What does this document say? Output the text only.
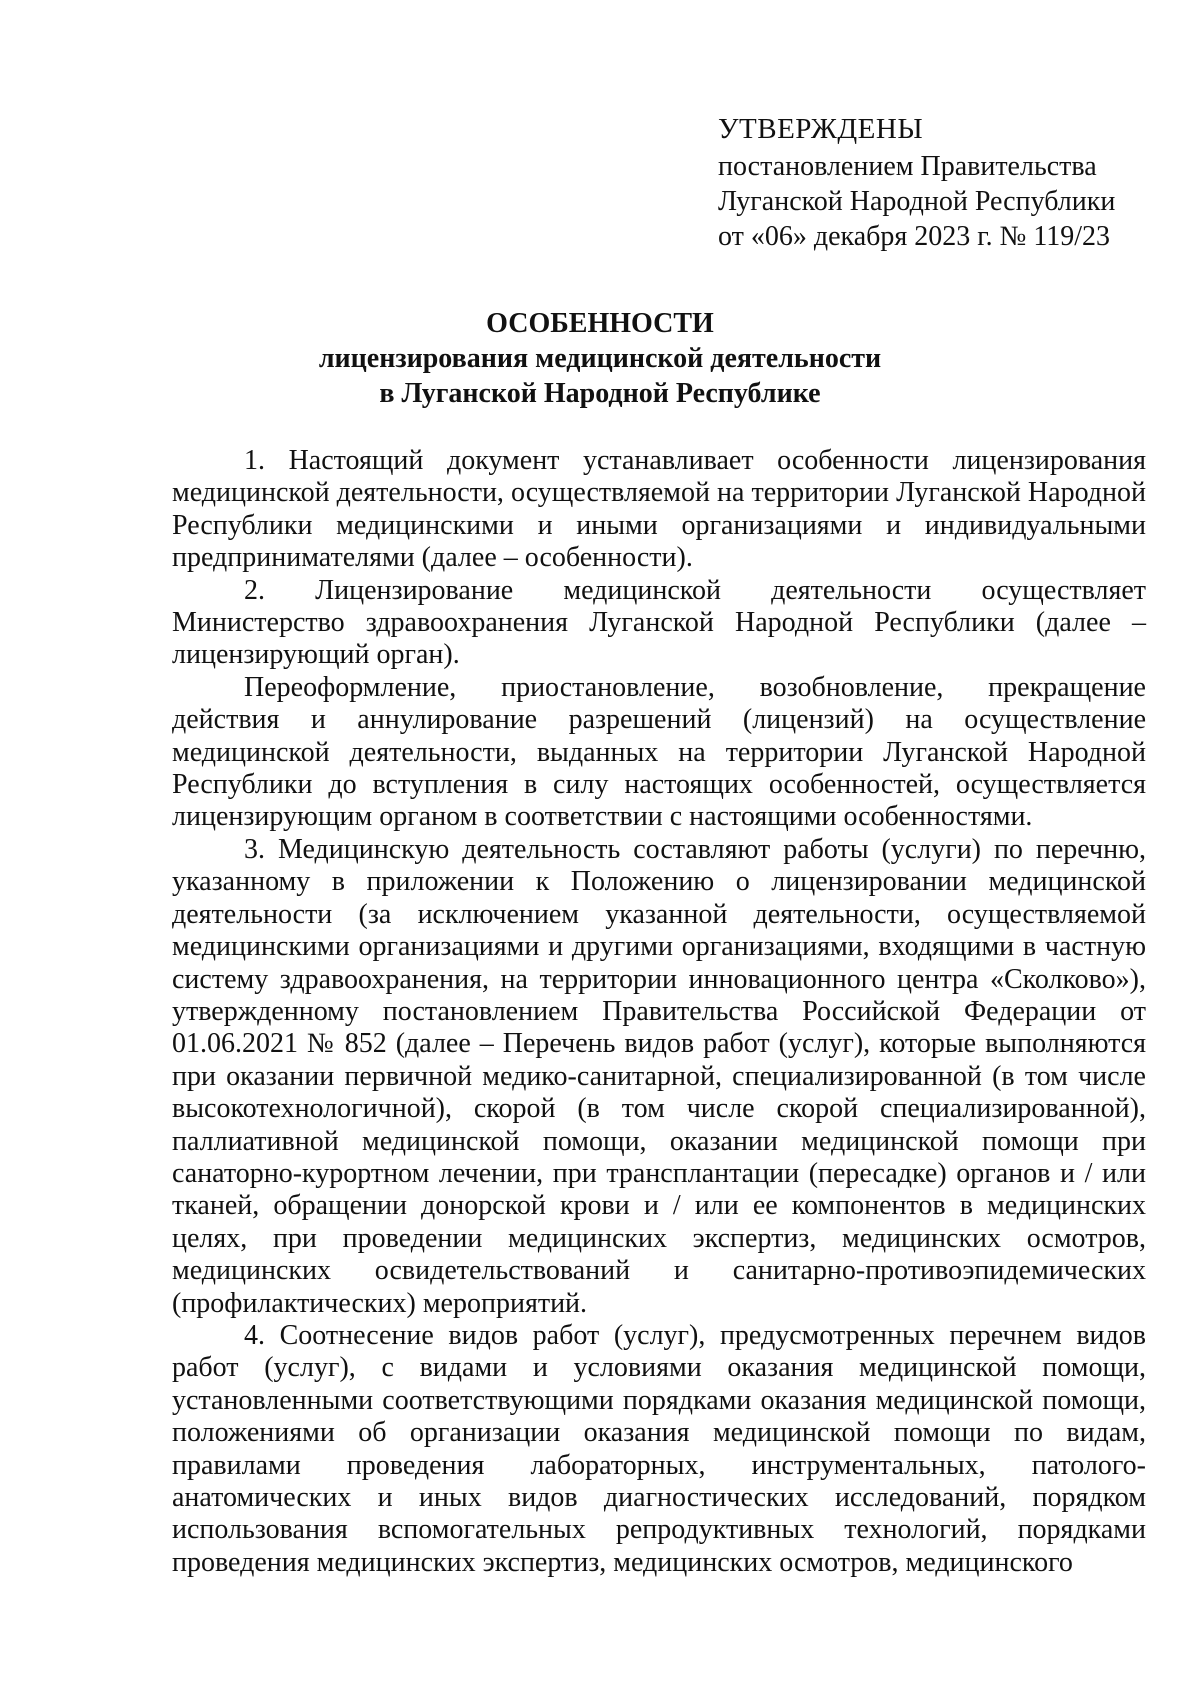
УТВЕРЖДЕНЫ
постановлением Правительства
Луганской Народной Республики
от «06» декабря 2023 г. № 119/23
ОСОБЕННОСТИ
лицензирования медицинской деятельности
в Луганской Народной Республике

1. Настоящий документ устанавливает особенности лицензирования медицинской деятельности, осуществляемой на территории Луганской Народной Республики медицинскими и иными организациями и индивидуальными предпринимателями (далее – особенности).

2. Лицензирование медицинской деятельности осуществляет Министерство здравоохранения Луганской Народной Республики (далее – лицензирующий орган).

Переоформление, приостановление, возобновление, прекращение действия и аннулирование разрешений (лицензий) на осуществление медицинской деятельности, выданных на территории Луганской Народной Республики до вступления в силу настоящих особенностей, осуществляется лицензирующим органом в соответствии с настоящими особенностями.

3. Медицинскую деятельность составляют работы (услуги) по перечню, указанному в приложении к Положению о лицензировании медицинской деятельности (за исключением указанной деятельности, осуществляемой медицинскими организациями и другими организациями, входящими в частную систему здравоохранения, на территории инновационного центра «Сколково»), утвержденному постановлением Правительства Российской Федерации от 01.06.2021 № 852 (далее – Перечень видов работ (услуг), которые выполняются при оказании первичной медико-санитарной, специализированной (в том числе высокотехнологичной), скорой (в том числе скорой специализированной), паллиативной медицинской помощи, оказании медицинской помощи при санаторно-курортном лечении, при трансплантации (пересадке) органов и / или тканей, обращении донорской крови и / или ее компонентов в медицинских целях, при проведении медицинских экспертиз, медицинских осмотров, медицинских освидетельствований и санитарно-противоэпидемических (профилактических) мероприятий.

4. Соотнесение видов работ (услуг), предусмотренных перечнем видов работ (услуг), с видами и условиями оказания медицинской помощи, установленными соответствующими порядками оказания медицинской помощи, положениями об организации оказания медицинской помощи по видам, правилами проведения лабораторных, инструментальных, патолого-анатомических и иных видов диагностических исследований, порядком использования вспомогательных репродуктивных технологий, порядками проведения медицинских экспертиз, медицинских осмотров, медицинского
